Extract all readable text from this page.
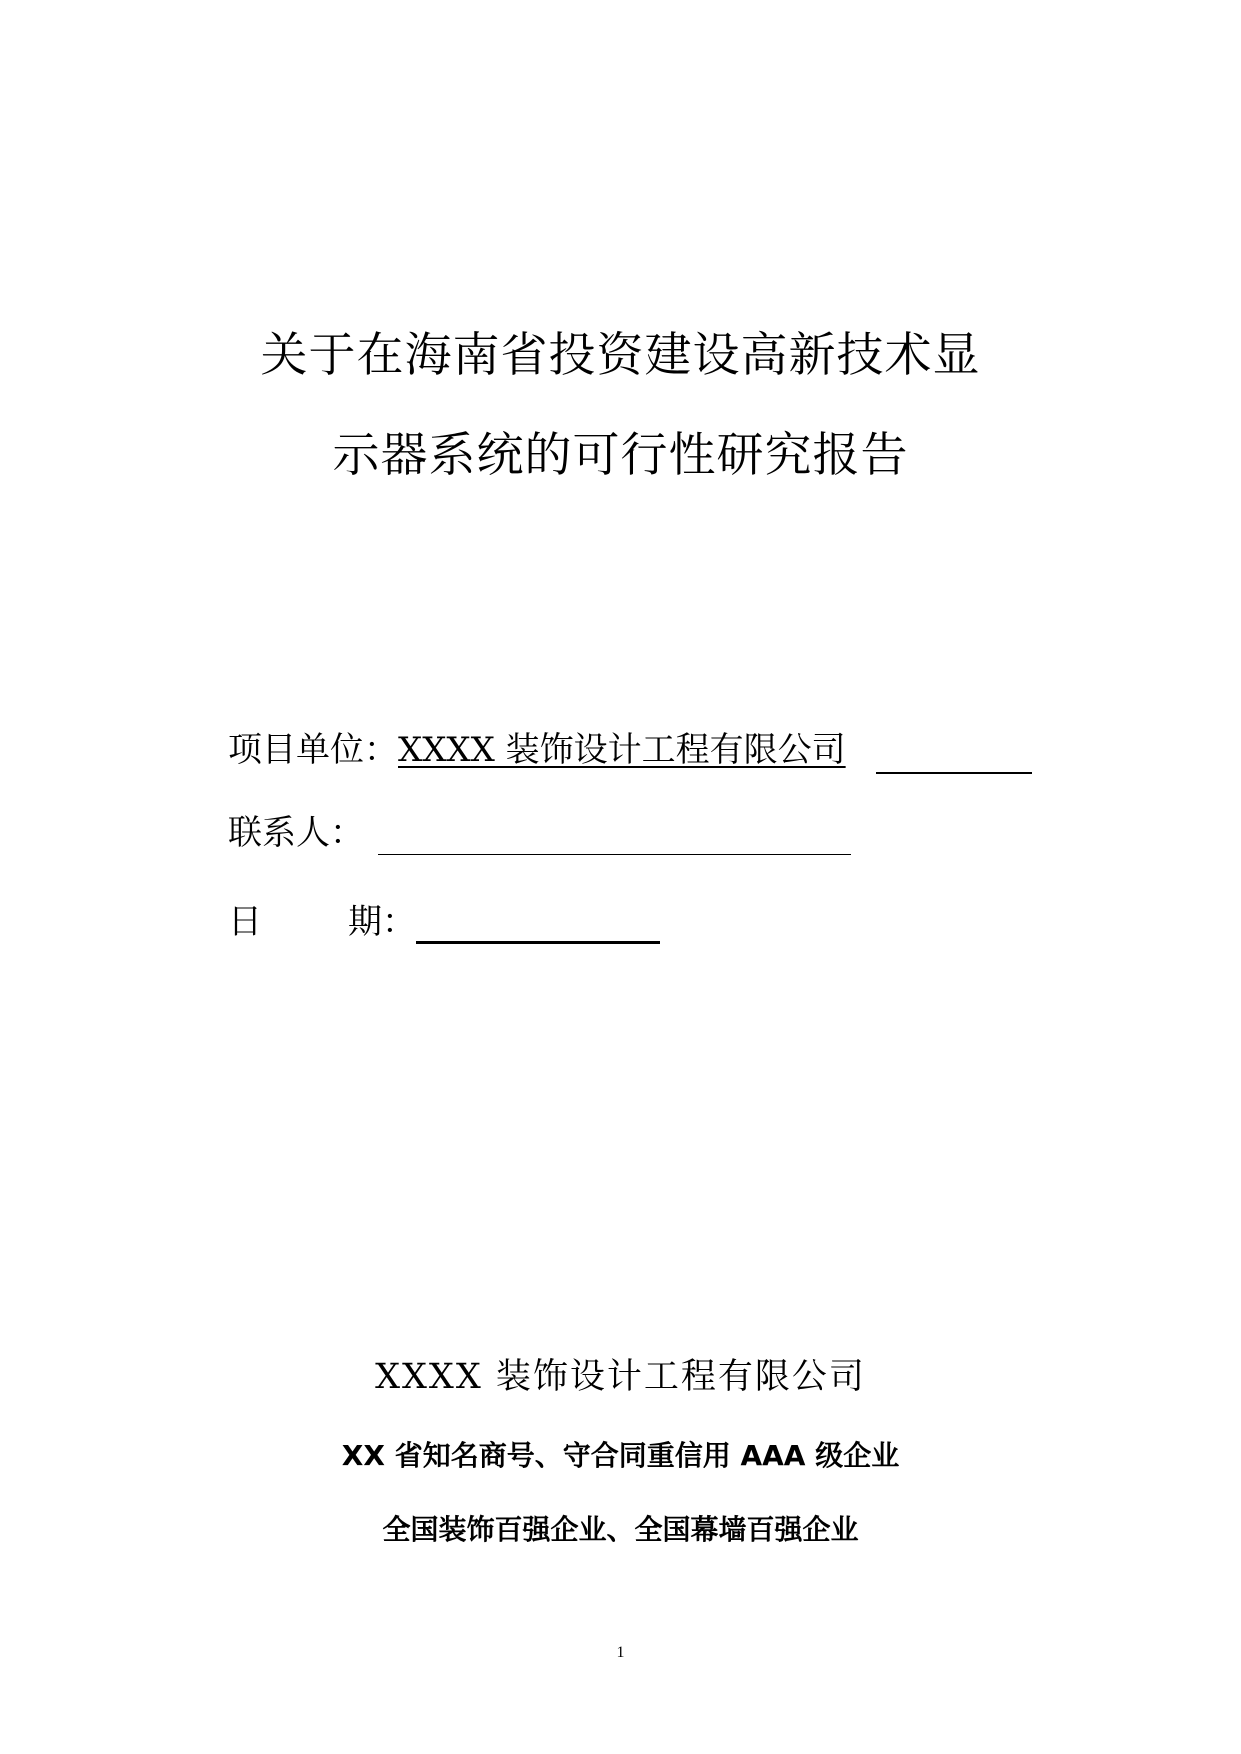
关于在海南省投资建设高新技术显
示器系统的可行性研究报告
项目单位：XXXX 装饰设计工程有限公司
联系人：
日	期：
XXXX 装饰设计工程有限公司
XX 省知名商号、守合同重信用 AAA 级企业
全国装饰百强企业、全国幕墙百强企业
1
